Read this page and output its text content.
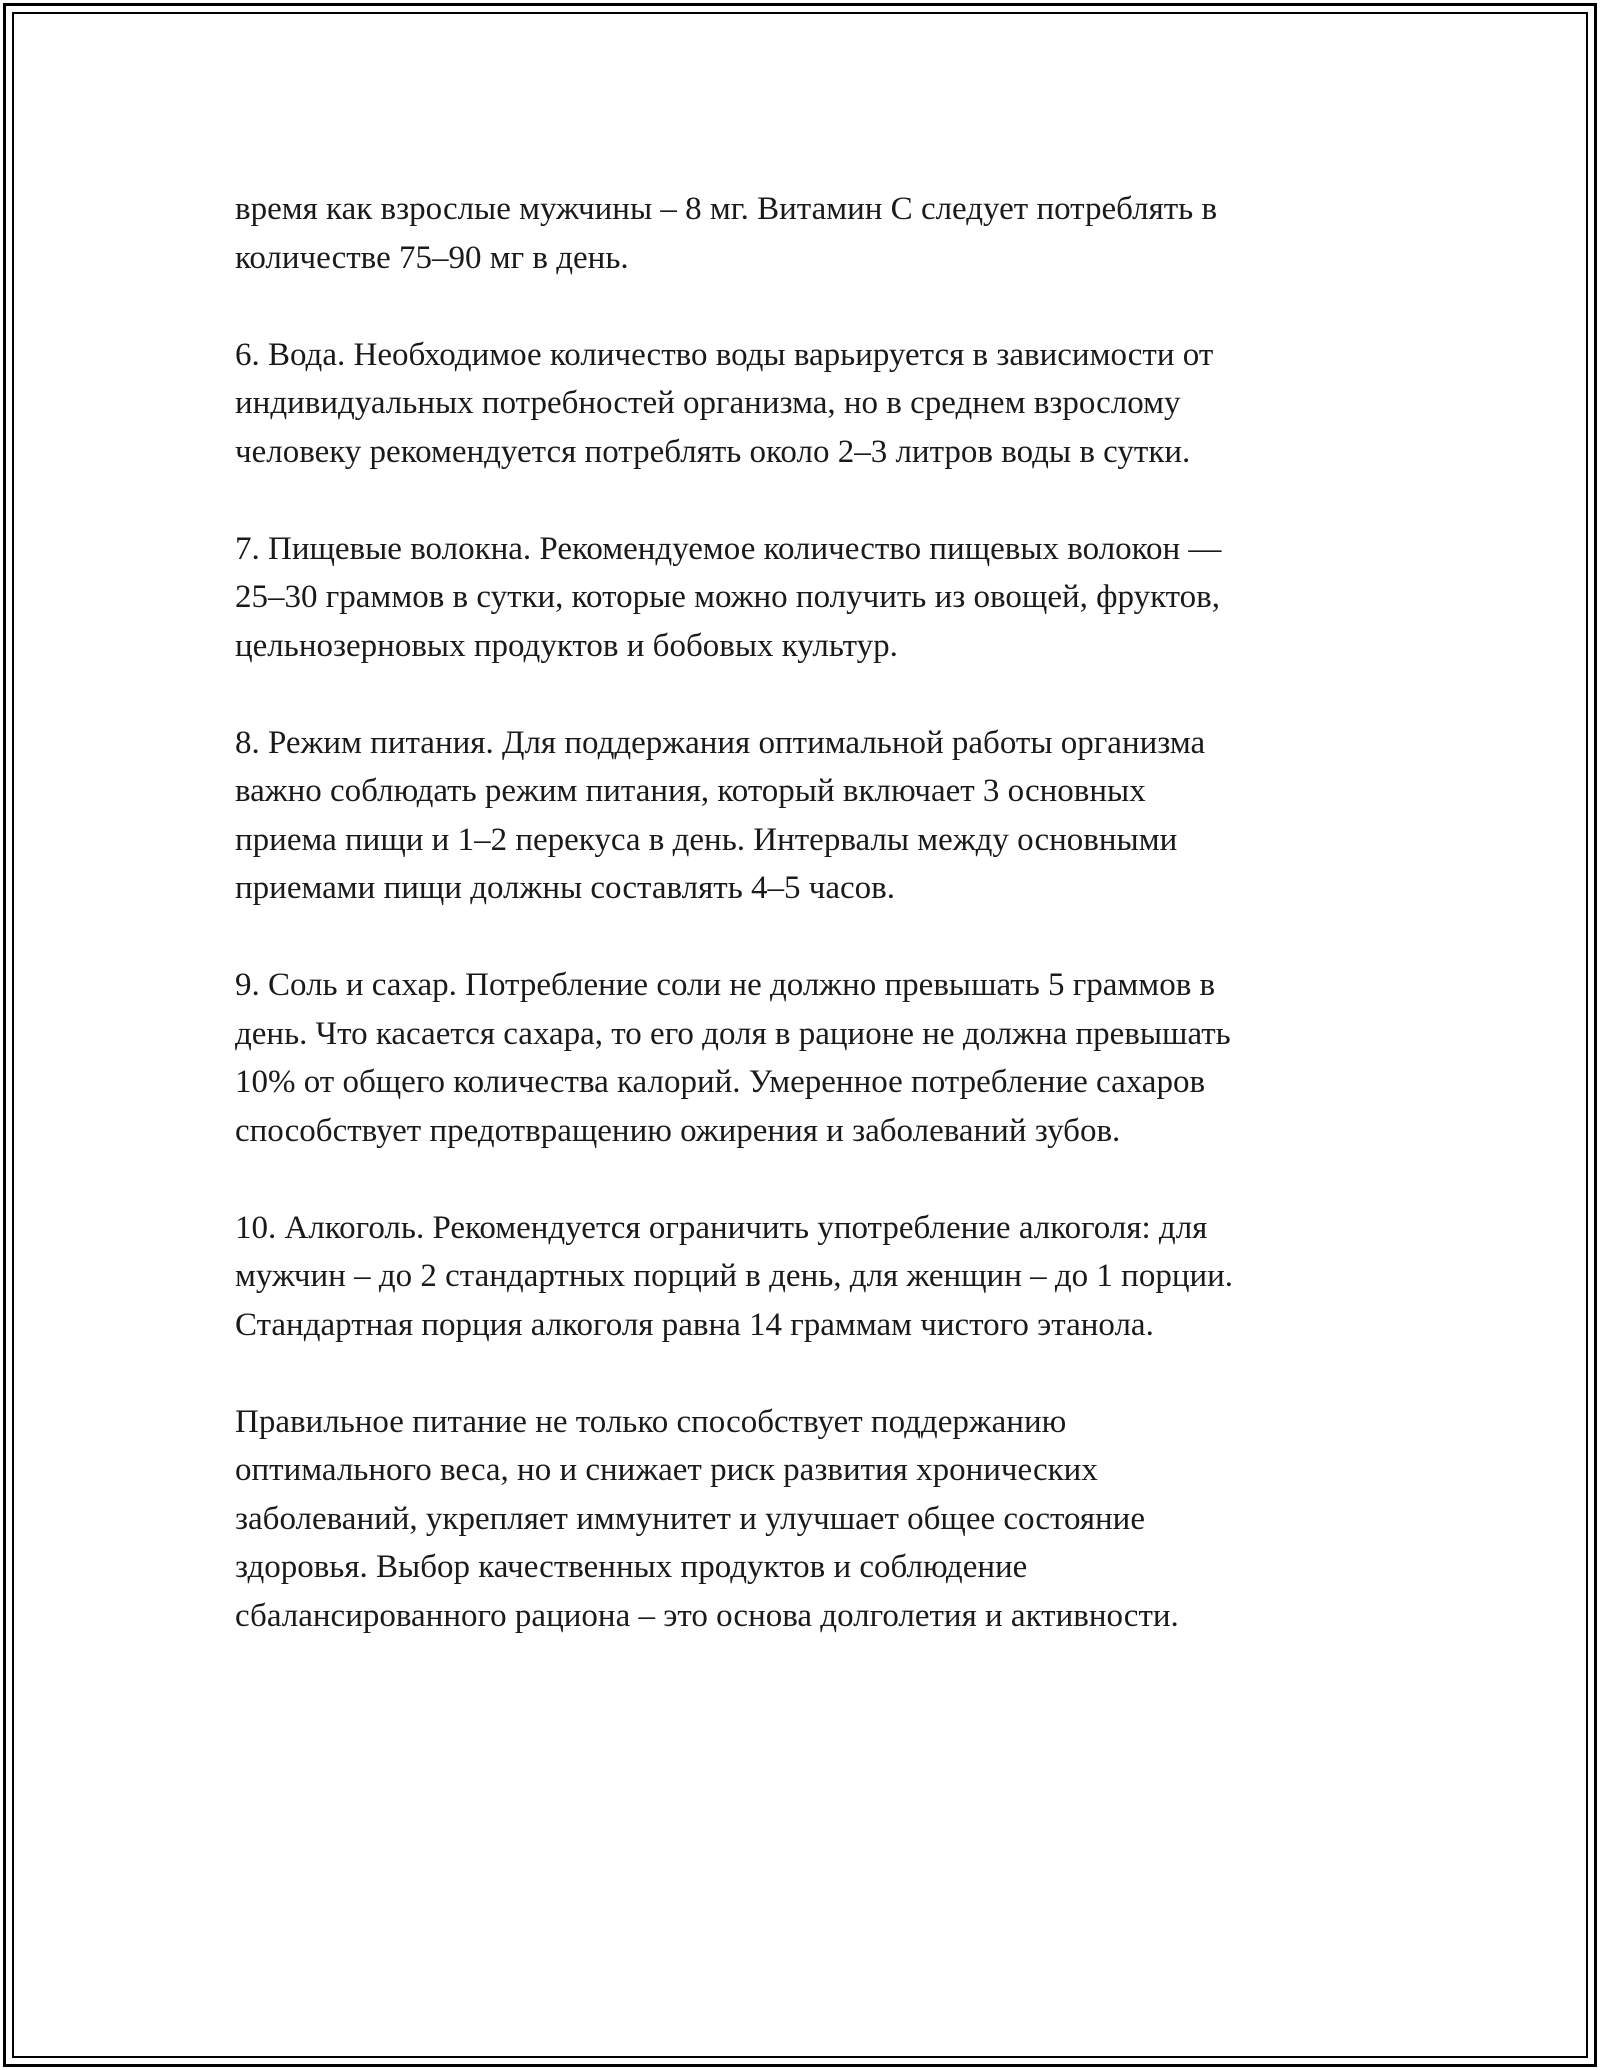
время как взрослые мужчины – 8 мг. Витамин С следует потреблять в
количестве 75–90 мг в день.

6. Вода. Необходимое количество воды варьируется в зависимости от
индивидуальных потребностей организма, но в среднем взрослому
человеку рекомендуется потреблять около 2–3 литров воды в сутки.

7. Пищевые волокна. Рекомендуемое количество пищевых волокон —
25–30 граммов в сутки, которые можно получить из овощей, фруктов,
цельнозерновых продуктов и бобовых культур.

8. Режим питания. Для поддержания оптимальной работы организма
важно соблюдать режим питания, который включает 3 основных
приема пищи и 1–2 перекуса в день. Интервалы между основными
приемами пищи должны составлять 4–5 часов.

9. Соль и сахар. Потребление соли не должно превышать 5 граммов в
день. Что касается сахара, то его доля в рационе не должна превышать
10% от общего количества калорий. Умеренное потребление сахаров
способствует предотвращению ожирения и заболеваний зубов.

10. Алкоголь. Рекомендуется ограничить употребление алкоголя: для
мужчин – до 2 стандартных порций в день, для женщин – до 1 порции.
Стандартная порция алкоголя равна 14 граммам чистого этанола.

Правильное питание не только способствует поддержанию
оптимального веса, но и снижает риск развития хронических
заболеваний, укрепляет иммунитет и улучшает общее состояние
здоровья. Выбор качественных продуктов и соблюдение
сбалансированного рациона – это основа долголетия и активности.
